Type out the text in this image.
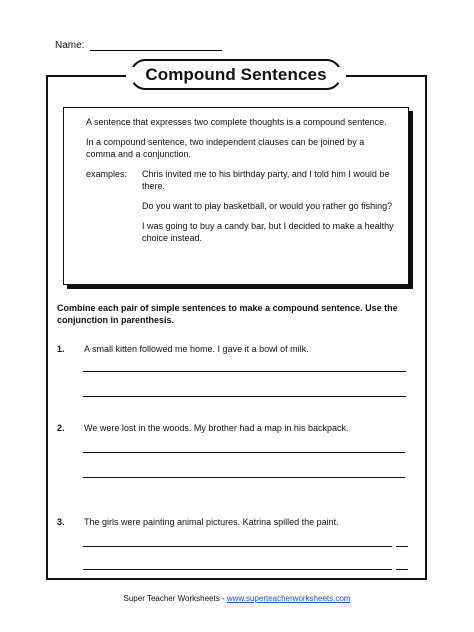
Name:
Compound Sentences

A sentence that expresses two complete thoughts is a compound sentence.

In a compound sentence, two independent clauses can be joined by a comma and a conjunction.

examples:	Chris invited me to his birthday party, and I told him I would be there.
Do you want to play basketball, or would you rather go fishing?
I was going to buy a candy bar, but I decided to make a healthy choice instead.
Combine each pair of simple sentences to make a compound sentence. Use the conjunction in parenthesis.
1. A small kitten followed me home. I gave it a bowl of milk.
2. We were lost in the woods. My brother had a map in his backpack.
3. The girls were painting animal pictures. Katrina spilled the paint.
Super Teacher Worksheets - www.superteacherworksheets.com
